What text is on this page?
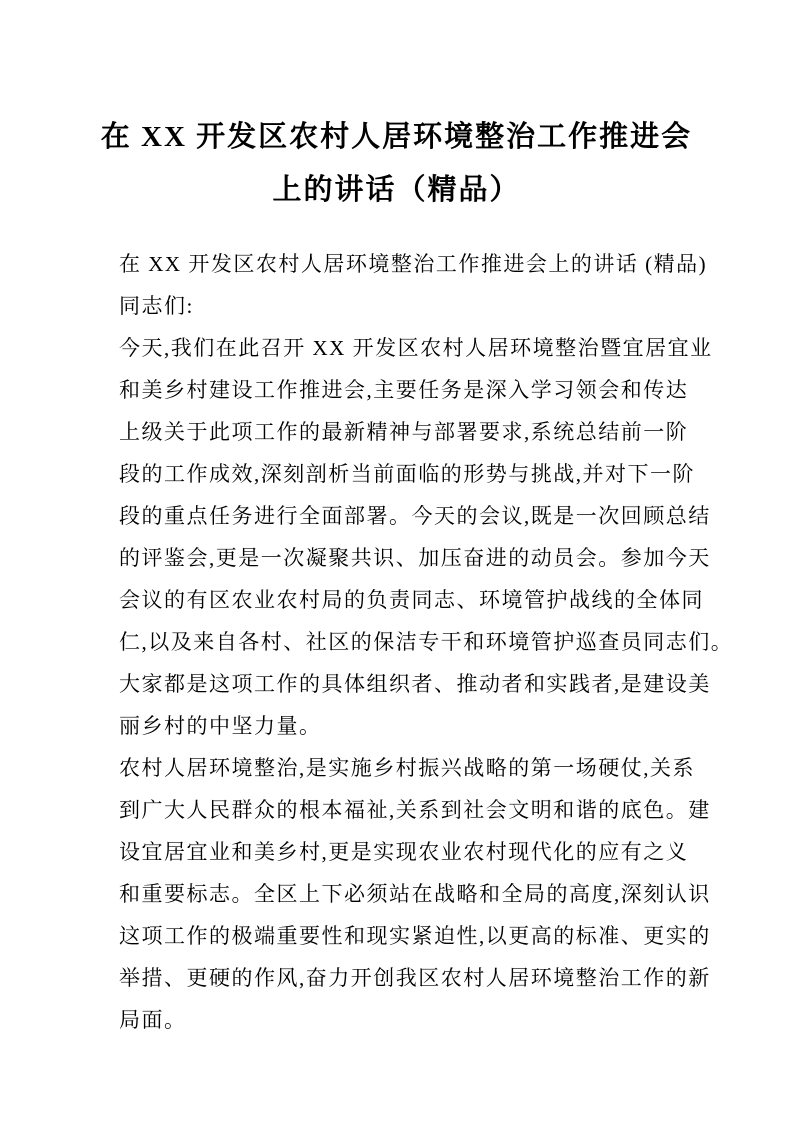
在 XX 开发区农村人居环境整治工作推进会
上的讲话（精品）
在 XX 开发区农村人居环境整治工作推进会上的讲话 (精品)
同志们:
今天,我们在此召开 XX 开发区农村人居环境整治暨宜居宜业
和美乡村建设工作推进会,主要任务是深入学习领会和传达
上级关于此项工作的最新精神与部署要求,系统总结前一阶
段的工作成效,深刻剖析当前面临的形势与挑战,并对下一阶
段的重点任务进行全面部署。今天的会议,既是一次回顾总结
的评鉴会,更是一次凝聚共识、加压奋进的动员会。参加今天
会议的有区农业农村局的负责同志、环境管护战线的全体同
仁,以及来自各村、社区的保洁专干和环境管护巡查员同志们。
大家都是这项工作的具体组织者、推动者和实践者,是建设美
丽乡村的中坚力量。
农村人居环境整治,是实施乡村振兴战略的第一场硬仗,关系
到广大人民群众的根本福祉,关系到社会文明和谐的底色。建
设宜居宜业和美乡村,更是实现农业农村现代化的应有之义
和重要标志。全区上下必须站在战略和全局的高度,深刻认识
这项工作的极端重要性和现实紧迫性,以更高的标准、更实的
举措、更硬的作风,奋力开创我区农村人居环境整治工作的新
局面。
